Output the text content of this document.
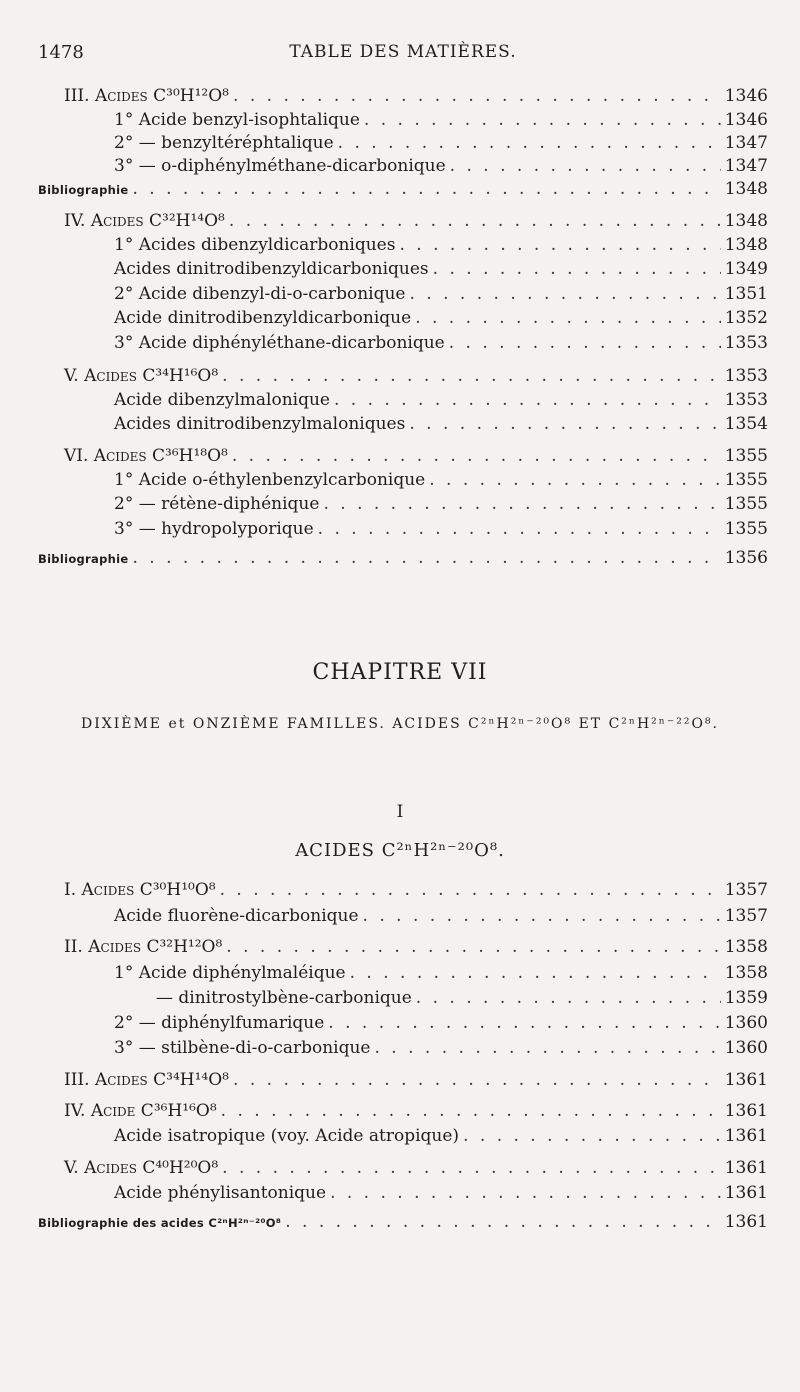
1478	TABLE DES MATIÈRES.
III. Acides C³⁰H¹²O⁸ . . .	1346
1° Acide benzyl-isophtalique . . .	1346
2° — benzyltéréphtalique . . .	1347
3° — o-diphénylméthane-dicarbonique . . .	1347
Bibliographie . . .	1348
IV. Acides C³²H¹⁴O⁸ . . .	1348
1° Acides dibenzyldicarboniques . . .	1348
Acides dinitrodibenzyldicarboniques . . .	1349
2° Acide dibenzyl-di-o-carbonique . . .	1351
Acide dinitrodibenzyldicarbonique . . .	1352
3° Acide diphényléthane-dicarbonique . . .	1353
V. Acides C³⁴H¹⁶O⁸ . . .	1353
Acide dibenzylmalonique . . .	1353
Acides dinitrodibenzylmaloniques . . .	1354
VI. Acides C³⁶H¹⁸O⁸ . . .	1355
1° Acide o-éthylenbenzylcarbonique . . .	1355
2° — rétène-diphénique . . .	1355
3° — hydropolyporique . . .	1355
Bibliographie . . .	1356
CHAPITRE VII
DIXIÈME et ONZIÈME FAMILLES. ACIDES C²ⁿH²ⁿ⁻²⁰O⁸ ET C²ⁿH²ⁿ⁻²²O⁸.
I
ACIDES C²ⁿH²ⁿ⁻²⁰O⁸.
I. Acides C³⁰H¹⁰O⁸ . . .	1357
Acide fluorène-dicarbonique . . .	1357
II. Acides C³²H¹²O⁸ . . .	1358
1° Acide diphénylmaléique . . .	1358
— dinitrostylbène-carbonique . . .	1359
2° — diphénylfumarique . . .	1360
3° — stilbène-di-o-carbonique . . .	1360
III. Acides C³⁴H¹⁴O⁸ . . .	1361
IV. Acide C³⁶H¹⁶O⁸ . . .	1361
Acide isatropique (voy. Acide atropique) . . .	1361
V. Acides C⁴⁰H²⁰O⁸ . . .	1361
Acide phénylisantonique . . .	1361
Bibliographie des acides C²ⁿH²ⁿ⁻²⁰O⁸ . . .	1361
